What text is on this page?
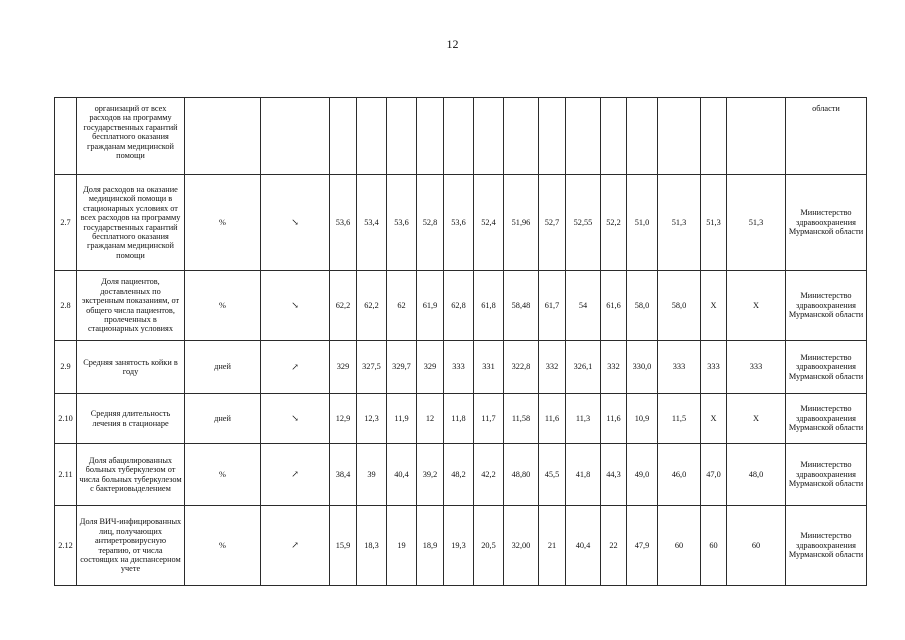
12
	организаций от всех расходов на программу государственных гарантий бесплатного оказания гражданам медицинской помощи																	области
2.7	Доля расходов на оказание медицинской помощи в стационарных условиях от всех расходов на программу государственных гарантий бесплатного оказания гражданам медицинской помощи	%	↘	53,6	53,4	53,6	52,8	53,6	52,4	51,96	52,7	52,55	52,2	51,0	51,3	51,3	51,3	Министерство здравоохранения Мурманской области
2.8	Доля пациентов, доставленных по экстренным показаниям, от общего числа пациентов, пролеченных в стационарных условиях	%	↘	62,2	62,2	62	61,9	62,8	61,8	58,48	61,7	54	61,6	58,0	58,0	X	X	Министерство здравоохранения Мурманской области
2.9	Средняя занятость койки в году	дней	↗	329	327,5	329,7	329	333	331	322,8	332	326,1	332	330,0	333	333	333	Министерство здравоохранения Мурманской области
2.10	Средняя длительность лечения в стационаре	дней	↘	12,9	12,3	11,9	12	11,8	11,7	11,58	11,6	11,3	11,6	10,9	11,5	X	X	Министерство здравоохранения Мурманской области
2.11	Доля абацилированных больных туберкулезом от числа больных туберкулезом с бактериовыделением	%	↗	38,4	39	40,4	39,2	48,2	42,2	48,80	45,5	41,8	44,3	49,0	46,0	47,0	48,0	Министерство здравоохранения Мурманской области
2.12	Доля ВИЧ-инфицированных лиц, получающих антиретровирусную терапию, от числа состоящих на диспансерном учете	%	↗	15,9	18,3	19	18,9	19,3	20,5	32,00	21	40,4	22	47,9	60	60	60	Министерство здравоохранения Мурманской области
